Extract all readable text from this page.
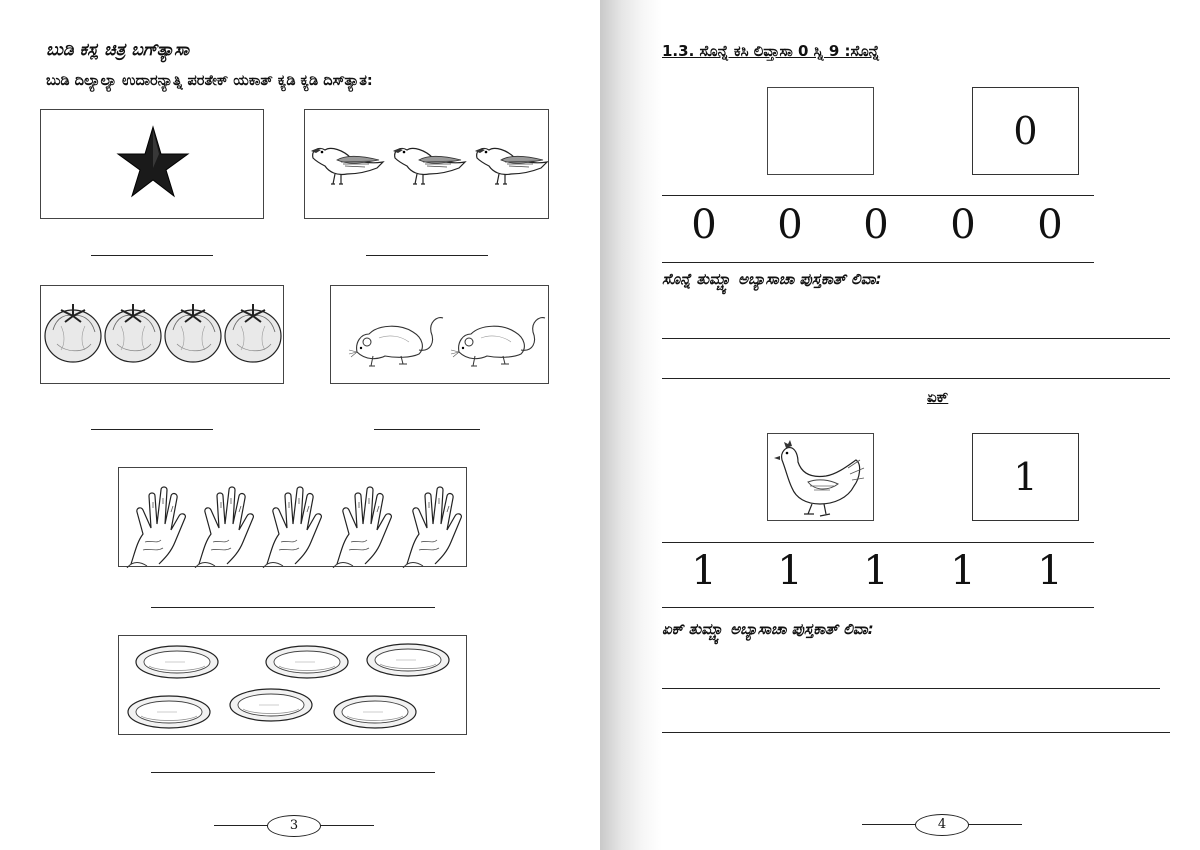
ಬುಡಿ ಕಸ್ಲ ಚಿತ್ರ ಬಗ್‍ತ್ಯಾಸಾ
ಬುಡಿ ದಿಲ್ಯಾಲ್ಯಾ ಉದಾರನ್ಯಾತ್ನಿ ಪರತೇಕ್ ಯಕಾತ್ ಕ್ಯಡಿ ಕ್ಯಡಿ ದಿಸ್‍ತ್ಯಾತ:
3
1.3. ಸೊನ್ನೆ ಕಸಿ ಲಿವ್ತಾಸಾ 0 ಸ್ನಿ 9 :ಸೊನ್ನೆ
0
0	0	0	0	0
ಸೊನ್ನೆ ತುಮ್ಚ್ಯಾ ಅಬ್ಯಾಸಾಚಾ ಪುಸ್ತಕಾತ್ ಲಿವಾ:
ಏಕ್
1
1	1	1	1	1
ಏಕ್ ತುಮ್ಚ್ಯಾ ಅಬ್ಯಾಸಾಚಾ ಪುಸ್ತಕಾತ್ ಲಿವಾ:
4
